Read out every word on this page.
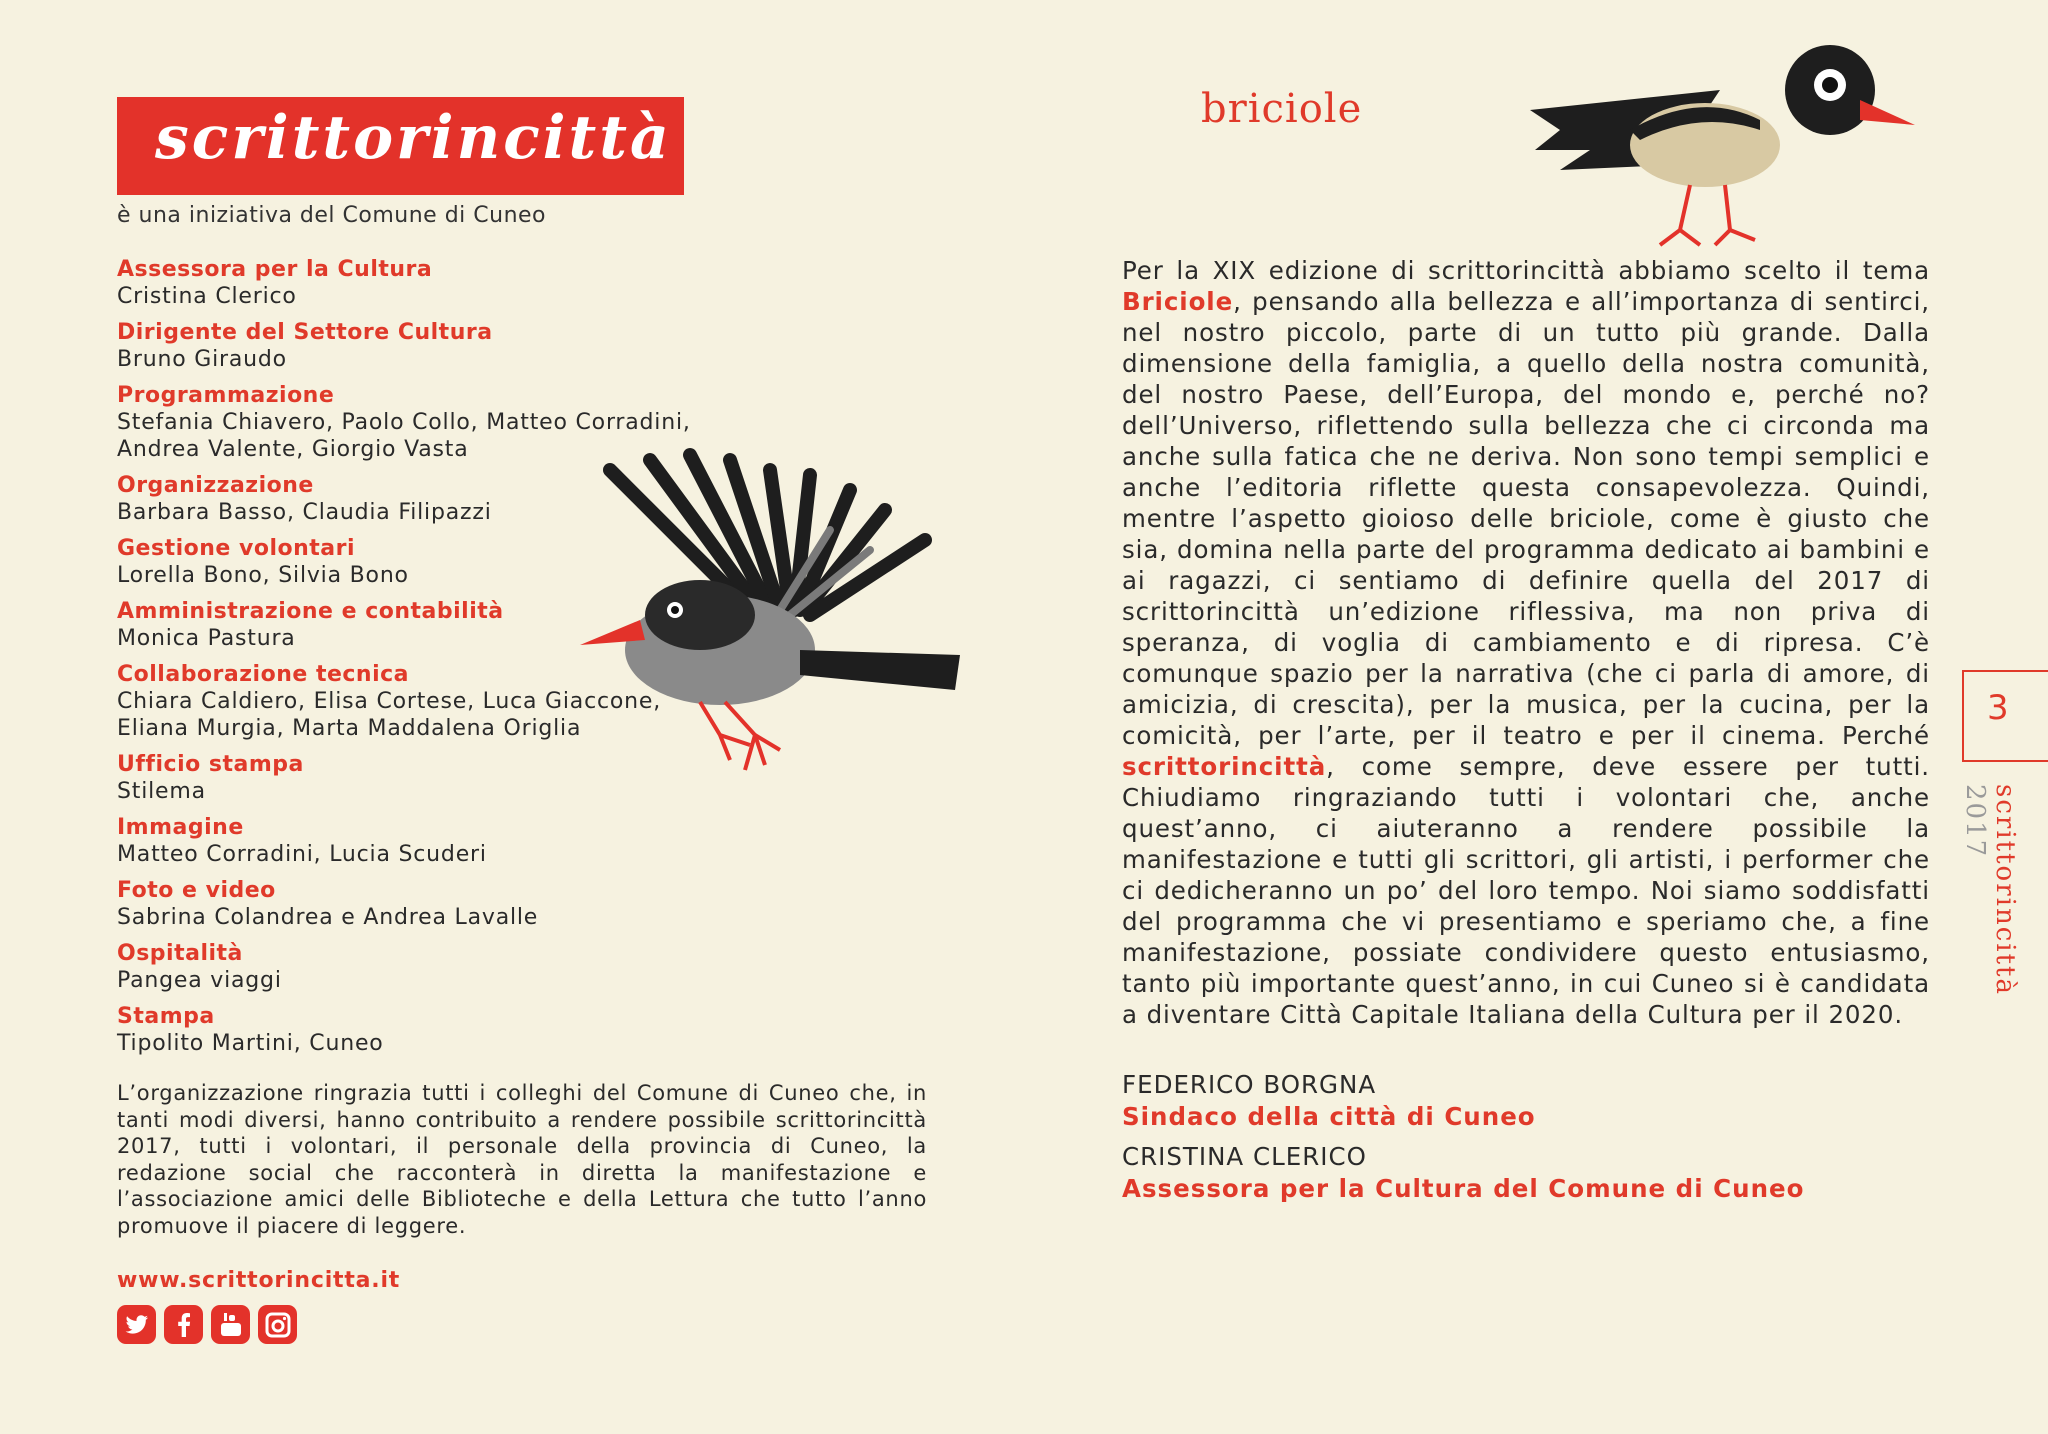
scrittorincittà
è una iniziativa del Comune di Cuneo
Assessora per la Cultura
Cristina Clerico
Dirigente del Settore Cultura
Bruno Giraudo
Programmazione
Stefania Chiavero, Paolo Collo, Matteo Corradini,
Andrea Valente, Giorgio Vasta
Organizzazione
Barbara Basso, Claudia Filipazzi
Gestione volontari
Lorella Bono, Silvia Bono
Amministrazione e contabilità
Monica Pastura
Collaborazione tecnica
Chiara Caldiero, Elisa Cortese, Luca Giaccone,
Eliana Murgia, Marta Maddalena Origlia
Ufficio stampa
Stilema
Immagine
Matteo Corradini, Lucia Scuderi
Foto e video
Sabrina Colandrea e Andrea Lavalle
Ospitalità
Pangea viaggi
Stampa
Tipolito Martini, Cuneo
L’organizzazione ringrazia tutti i colleghi del Comune di Cuneo che, in tanti modi diversi, hanno contribuito a rendere possibile scrittorincittà 2017, tutti i volontari, il personale della provincia di Cuneo, la redazione social che racconterà in diretta la manifestazione e l’associazione amici delle Biblioteche e della Lettura che tutto l’anno promuove il piacere di leggere.
www.scrittorincitta.it
briciole
Per la XIX edizione di scrittorincittà abbiamo scelto il tema Briciole, pensando alla bellezza e all’importanza di sentirci, nel nostro piccolo, parte di un tutto più grande. Dalla dimensione della famiglia, a quello della nostra comunità, del nostro Paese, dell’Europa, del mondo e, perché no? dell’Universo, riflettendo sulla bellezza che ci circonda ma anche sulla fatica che ne deriva. Non sono tempi semplici e anche l’editoria riflette questa consapevolezza. Quindi, mentre l’aspetto gioioso delle briciole, come è giusto che sia, domina nella parte del programma dedicato ai bambini e ai ragazzi, ci sentiamo di definire quella del 2017 di scrittorincittà un’edizione riflessiva, ma non priva di speranza, di voglia di cambiamento e di ripresa. C’è comunque spazio per la narrativa (che ci parla di amore, di amicizia, di crescita), per la musica, per la cucina, per la comicità, per l’arte, per il teatro e per il cinema. Perché scrittorincittà, come sempre, deve essere per tutti. Chiudiamo ringraziando tutti i volontari che, anche quest’anno, ci aiuteranno a rendere possibile la manifestazione e tutti gli scrittori, gli artisti, i performer che ci dedicheranno un po’ del loro tempo. Noi siamo soddisfatti del programma che vi presentiamo e speriamo che, a fine manifestazione, possiate condividere questo entusiasmo, tanto più importante quest’anno, in cui Cuneo si è candidata a diventare Città Capitale Italiana della Cultura per il 2020.
FEDERICO BORGNA
Sindaco della città di Cuneo
CRISTINA CLERICO
Assessora per la Cultura del Comune di Cuneo
3
scrittorincittà 2017
